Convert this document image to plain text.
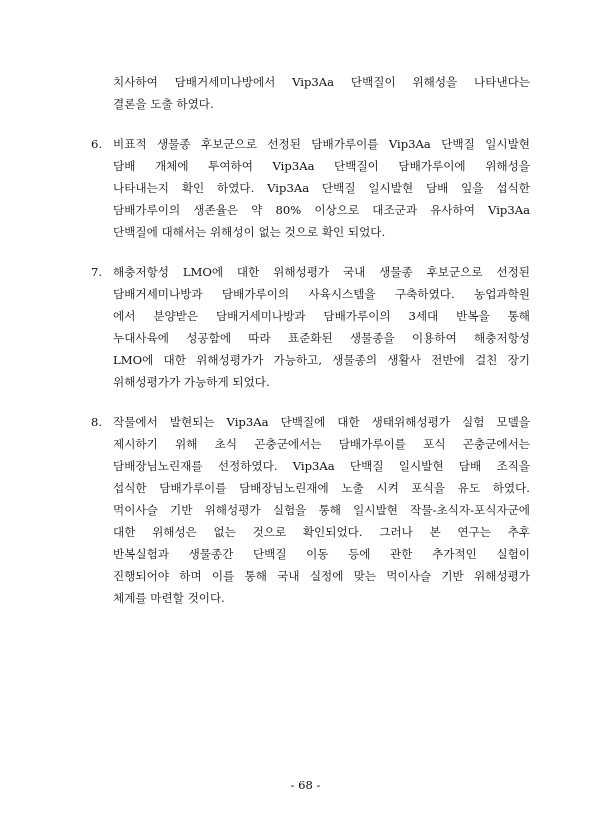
치사하여 담배거세미나방에서 Vip3Aa 단백질이 위해성을 나타낸다는
결론을 도출 하였다.
6. 비표적 생물종 후보군으로 선정된 담배가루이를 Vip3Aa 단백질 일시발현
담배 개체에 투여하여 Vip3Aa 단백질이 담배가루이에 위해성을
나타내는지 확인 하였다. Vip3Aa 단백질 일시발현 담배 잎을 섭식한
담배가루이의 생존율은 약 80% 이상으로 대조군과 유사하여 Vip3Aa
단백질에 대해서는 위해성이 없는 것으로 확인 되었다.
7. 해충저항성 LMO에 대한 위해성평가 국내 생물종 후보군으로 선정된
담배거세미나방과 담배가루이의 사육시스템을 구축하였다. 농업과학원
에서 분양받은 담배거세미나방과 담배가루이의 3세대 반복을 통해
누대사육에 성공함에 따라 표준화된 생물종을 이용하여 해충저항성
LMO에 대한 위해성평가가 가능하고, 생물종의 생활사 전반에 걸친 장기
위해성평가가 가능하게 되었다.
8. 작물에서 발현되는 Vip3Aa 단백질에 대한 생태위해성평가 실험 모델을
제시하기 위해 초식 곤충군에서는 담배가루이를 포식 곤충군에서는
담배장님노린재를 선정하였다. Vip3Aa 단백질 일시발현 담배 조직을
섭식한 담배가루이를 담배장님노린재에 노출 시켜 포식을 유도 하였다.
먹이사슬 기반 위해성평가 실험을 통해 일시발현 작물-초식자-포식자군에
대한 위해성은 없는 것으로 확인되었다. 그러나 본 연구는 추후
반복실험과 생물종간 단백질 이동 등에 관한 추가적인 실험이
진행되어야 하며 이를 통해 국내 실정에 맞는 먹이사슬 기반 위해성평가
체계를 마련할 것이다.
- 68 -
